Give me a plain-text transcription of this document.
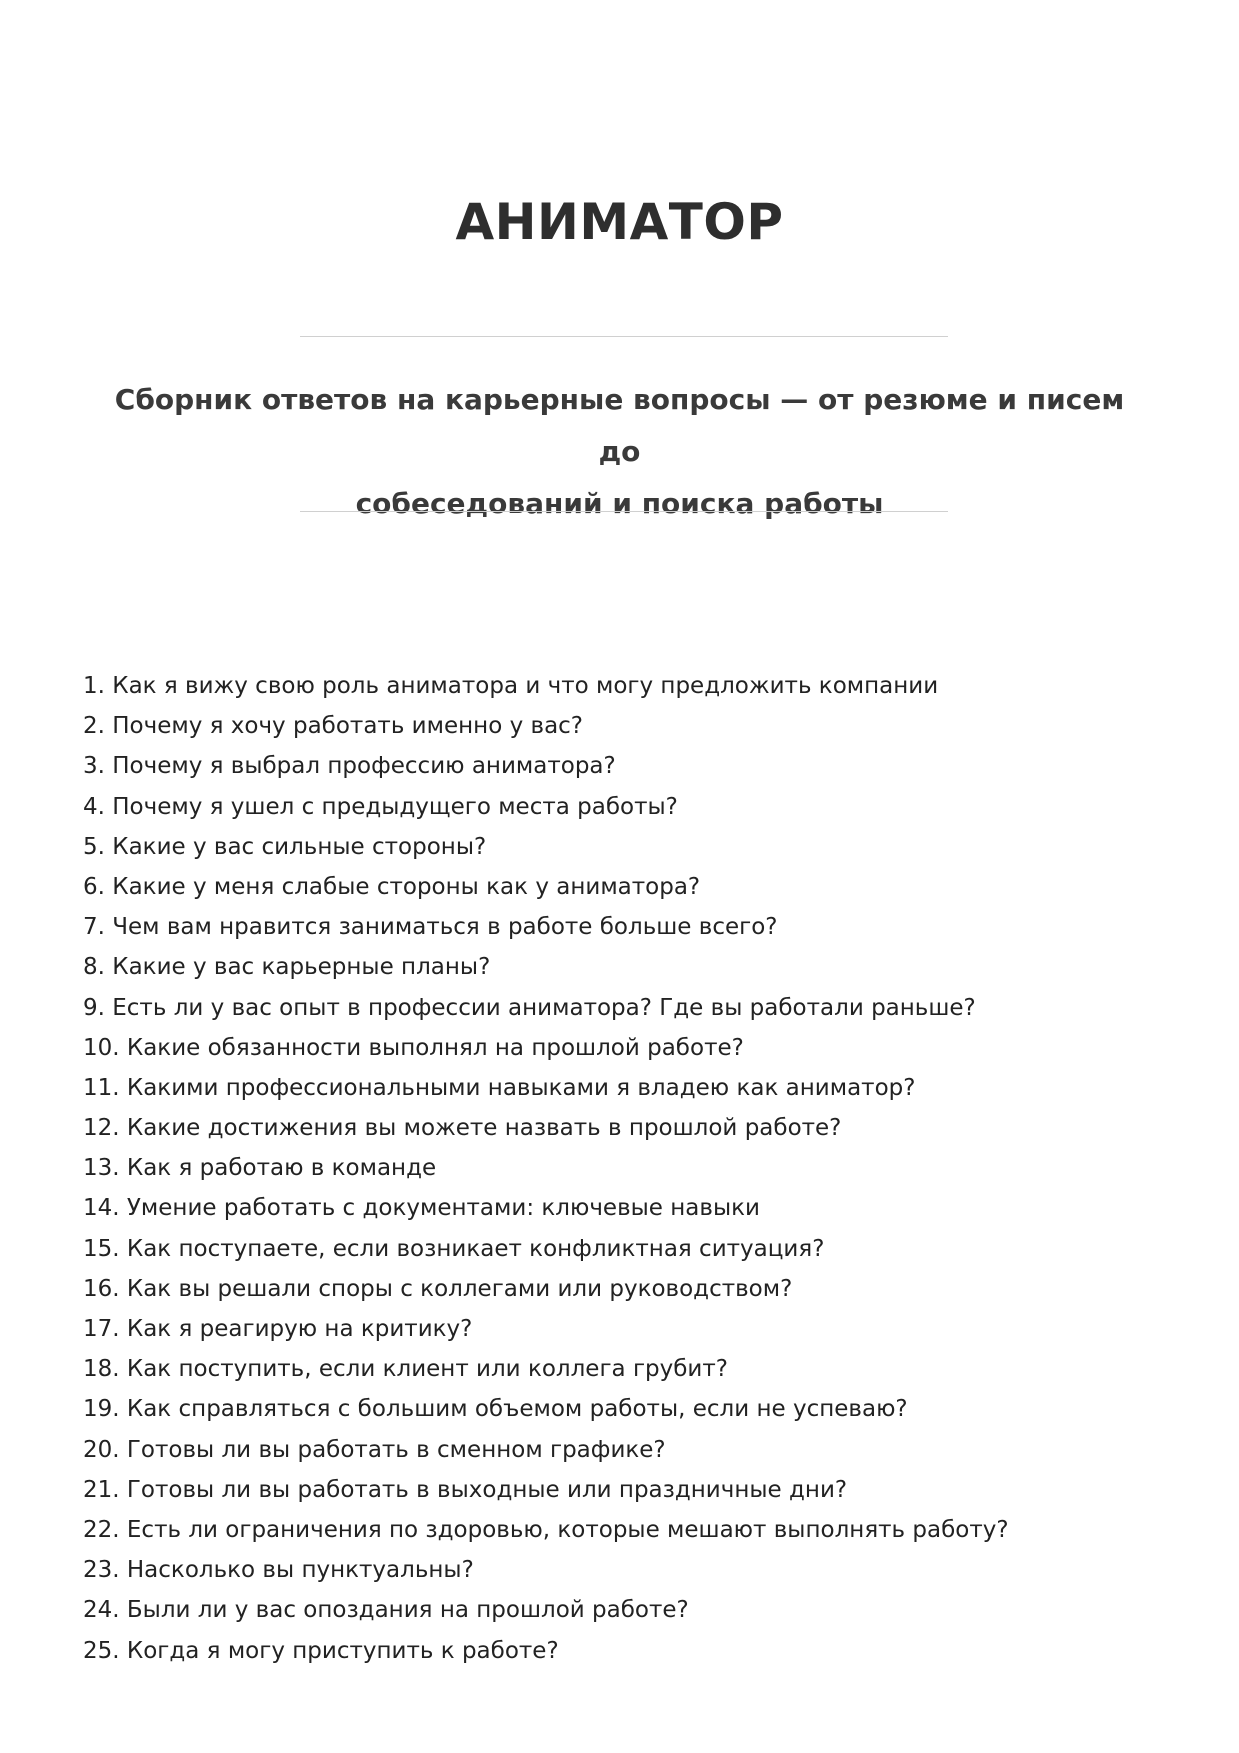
АНИМАТОР

Сборник ответов на карьерные вопросы — от резюме и писем до
собеседований и поиска работы

1. Как я вижу свою роль аниматора и что могу предложить компании
2. Почему я хочу работать именно у вас?
3. Почему я выбрал профессию аниматора?
4. Почему я ушел с предыдущего места работы?
5. Какие у вас сильные стороны?
6. Какие у меня слабые стороны как у аниматора?
7. Чем вам нравится заниматься в работе больше всего?
8. Какие у вас карьерные планы?
9. Есть ли у вас опыт в профессии аниматора? Где вы работали раньше?
10. Какие обязанности выполнял на прошлой работе?
11. Какими профессиональными навыками я владею как аниматор?
12. Какие достижения вы можете назвать в прошлой работе?
13. Как я работаю в команде
14. Умение работать с документами: ключевые навыки
15. Как поступаете, если возникает конфликтная ситуация?
16. Как вы решали споры с коллегами или руководством?
17. Как я реагирую на критику?
18. Как поступить, если клиент или коллега грубит?
19. Как справляться с большим объемом работы, если не успеваю?
20. Готовы ли вы работать в сменном графике?
21. Готовы ли вы работать в выходные или праздничные дни?
22. Есть ли ограничения по здоровью, которые мешают выполнять работу?
23. Насколько вы пунктуальны?
24. Были ли у вас опоздания на прошлой работе?
25. Когда я могу приступить к работе?
